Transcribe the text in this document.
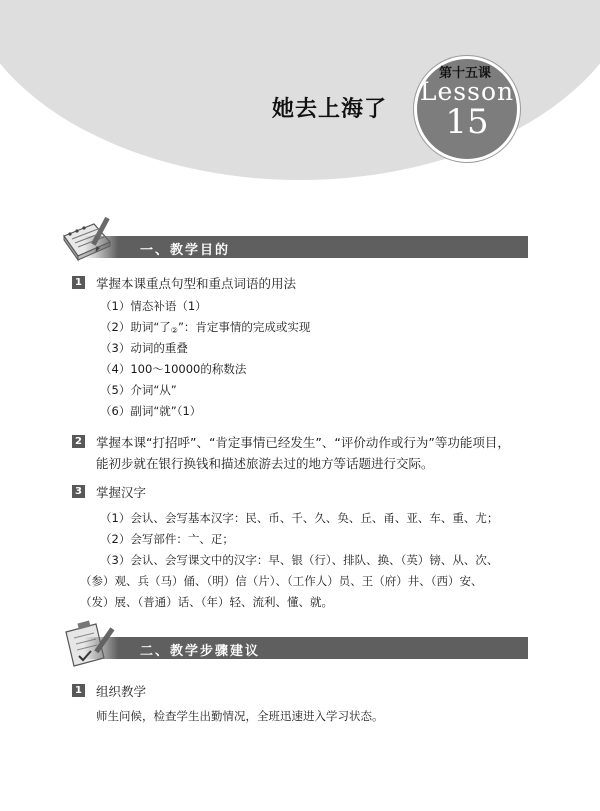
第十五课
Lesson
15
她去上海了
一、教学目的
1 掌握本课重点句型和重点词语的用法
（1）情态补语（1）
（2）助词“了$_②$”：肯定事情的完成或实现
（3）动词的重叠
（4）100～10000的称数法
（5）介词“从”
（6）副词“就”（1）
2 掌握本课“打招呼”、“肯定事情已经发生”、“评价动作或行为”等功能项目，
能初步就在银行换钱和描述旅游去过的地方等话题进行交际。
3 掌握汉字
（1）会认、会写基本汉字：民、币、千、久、奂、丘、甬、亚、车、重、尤；
（2）会写部件：亠、疋；
（3）会认、会写课文中的汉字：早、银（行）、排队、换、（英）镑、从、次、
（参）观、兵（马）俑、（明）信（片）、（工作人）员、王（府）井、（西）安、
（发）展、（普通）话、（年）轻、流利、懂、就。
二、教学步骤建议
1 组织教学
师生问候，检查学生出勤情况，全班迅速进入学习状态。
